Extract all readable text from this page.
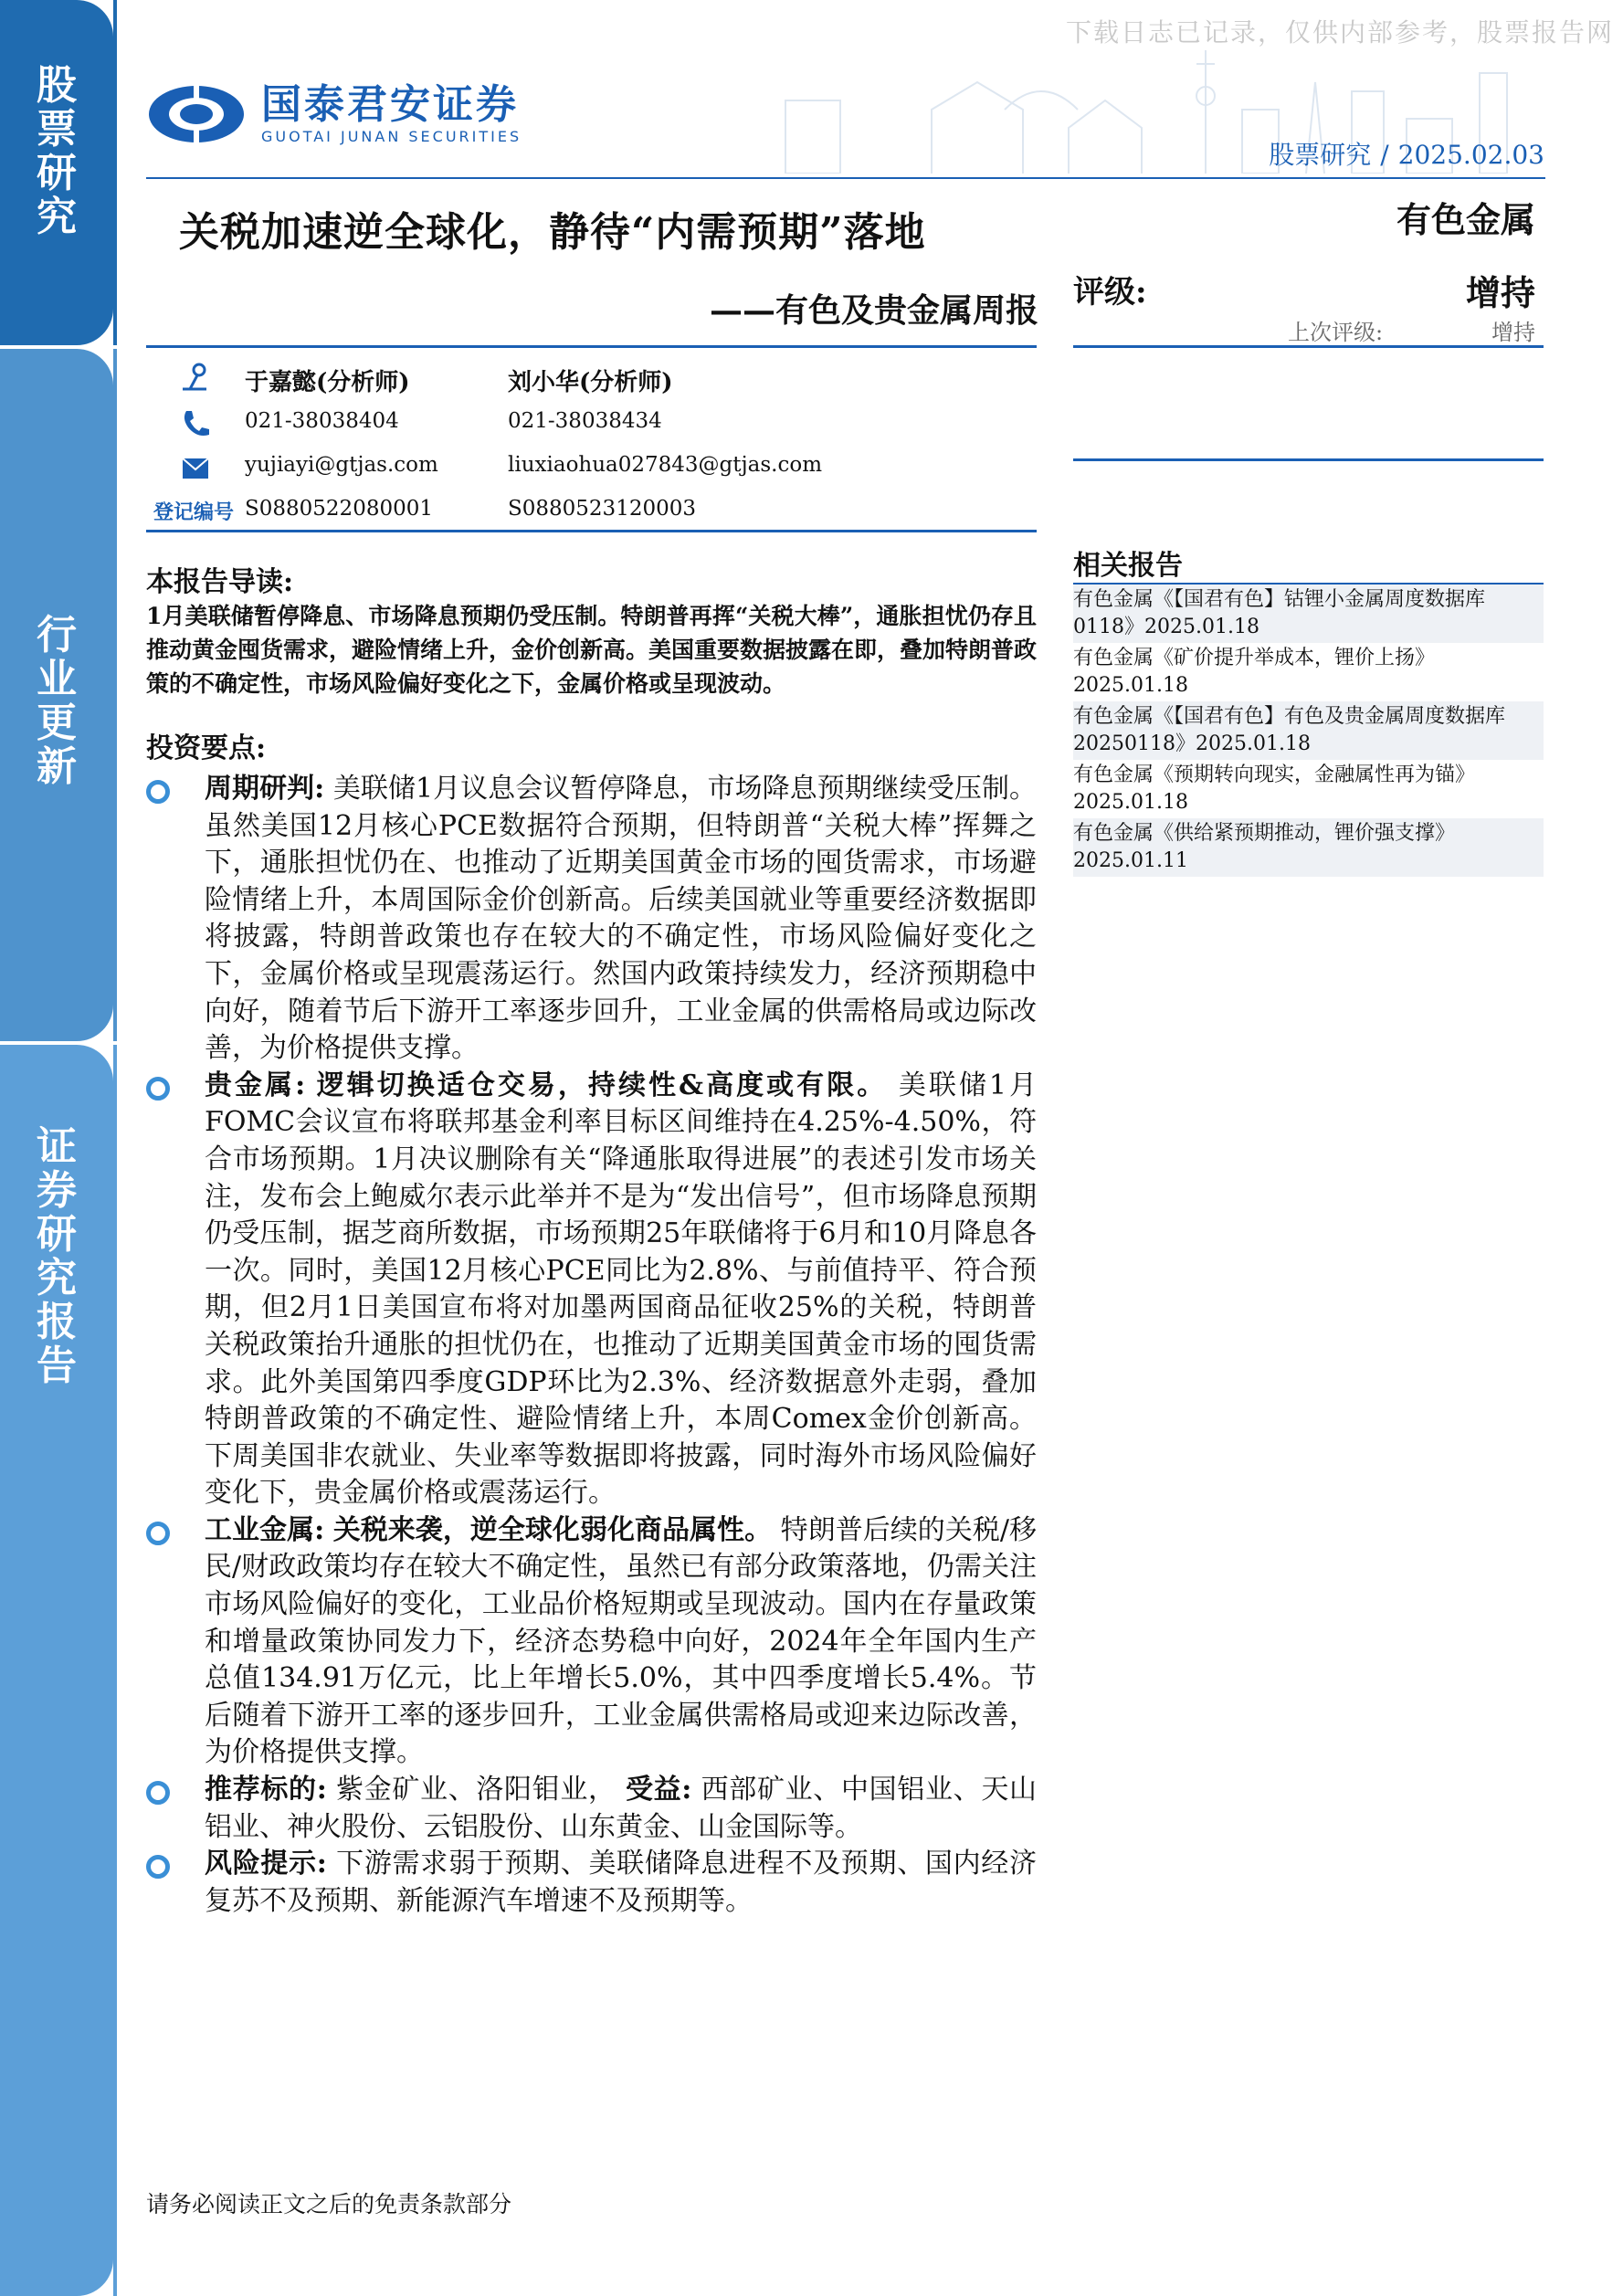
股
票
研
究
行
业
更
新
证
券
研
究
报
告
下载日志已记录，仅供内部参考，股票报告网
国泰君安证券
GUOTAI JUNAN SECURITIES
股票研究 / 2025.02.03
关税加速逆全球化，静待“内需预期”落地
——有色及贵金属周报
有色金属
评级:	增持
上次评级:	增持
于嘉懿(分析师)
021-38038404
yujiayi@gtjas.com
S0880522080001
刘小华(分析师)
021-38038434
liuxiaohua027843@gtjas.com
S0880523120003
登记编号
相关报告
有色金属《【国君有色】钴锂小金属周度数据库0118》2025.01.18
有色金属《矿价提升举成本，锂价上扬》2025.01.18
有色金属《【国君有色】有色及贵金属周度数据库20250118》2025.01.18
有色金属《预期转向现实，金融属性再为锚》2025.01.18
有色金属《供给紧预期推动，锂价强支撑》2025.01.11
本报告导读:
1月美联储暂停降息、市场降息预期仍受压制。特朗普再挥“关税大棒”，通胀担忧仍存且推动黄金囤货需求，避险情绪上升，金价创新高。美国重要数据披露在即，叠加特朗普政策的不确定性，市场风险偏好变化之下，金属价格或呈现波动。
投资要点:
周期研判: 美联储1月议息会议暂停降息，市场降息预期继续受压制。虽然美国12月核心PCE数据符合预期，但特朗普“关税大棒”挥舞之下，通胀担忧仍在、也推动了近期美国黄金市场的囤货需求，市场避险情绪上升，本周国际金价创新高。后续美国就业等重要经济数据即将披露，特朗普政策也存在较大的不确定性，市场风险偏好变化之下，金属价格或呈现震荡运行。然国内政策持续发力，经济预期稳中向好，随着节后下游开工率逐步回升，工业金属的供需格局或边际改善，为价格提供支撑。
贵金属: 逻辑切换适仓交易，持续性&高度或有限。 美联储1月FOMC会议宣布将联邦基金利率目标区间维持在4.25%-4.50%，符合市场预期。1月决议删除有关“降通胀取得进展”的表述引发市场关注，发布会上鲍威尔表示此举并不是为“发出信号”，但市场降息预期仍受压制，据芝商所数据，市场预期25年联储将于6月和10月降息各一次。同时，美国12月核心PCE同比为2.8%、与前值持平、符合预期，但2月1日美国宣布将对加墨两国商品征收25%的关税，特朗普关税政策抬升通胀的担忧仍在，也推动了近期美国黄金市场的囤货需求。此外美国第四季度GDP环比为2.3%、经济数据意外走弱，叠加特朗普政策的不确定性、避险情绪上升，本周Comex金价创新高。下周美国非农就业、失业率等数据即将披露，同时海外市场风险偏好变化下，贵金属价格或震荡运行。
工业金属: 关税来袭，逆全球化弱化商品属性。 特朗普后续的关税/移民/财政政策均存在较大不确定性，虽然已有部分政策落地，仍需关注市场风险偏好的变化，工业品价格短期或呈现波动。国内在存量政策和增量政策协同发力下，经济态势稳中向好，2024年全年国内生产总值134.91万亿元，比上年增长5.0%，其中四季度增长5.4%。节后随着下游开工率的逐步回升，工业金属供需格局或迎来边际改善，为价格提供支撑。
推荐标的: 紫金矿业、洛阳钼业， 受益: 西部矿业、中国铝业、天山铝业、神火股份、云铝股份、山东黄金、山金国际等。
风险提示: 下游需求弱于预期、美联储降息进程不及预期、国内经济复苏不及预期、新能源汽车增速不及预期等。
请务必阅读正文之后的免责条款部分
